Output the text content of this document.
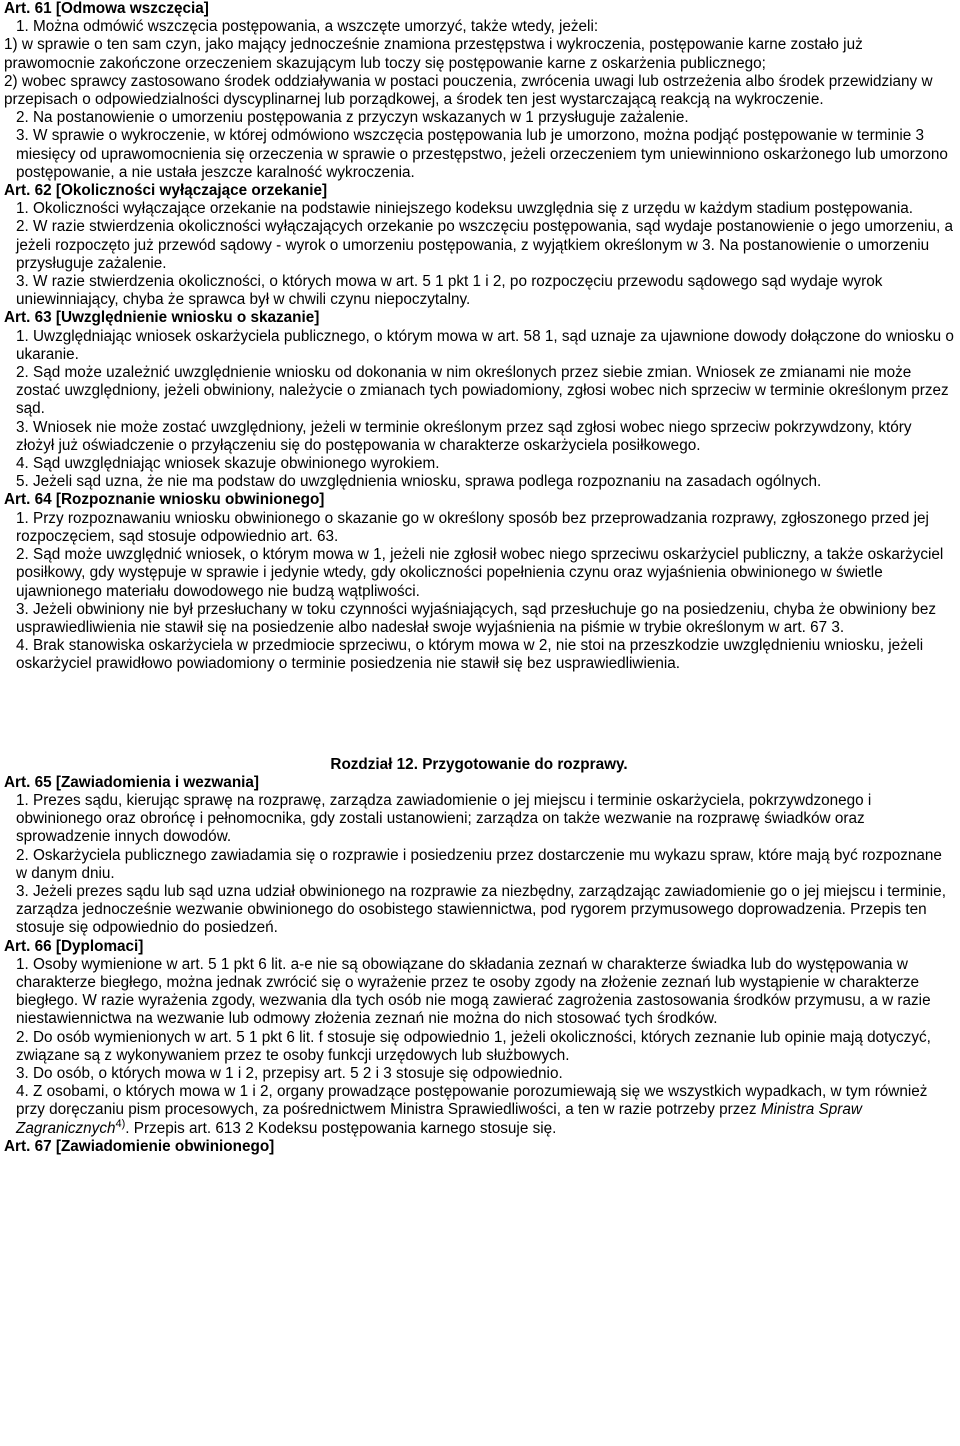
Art. 61 [Odmowa wszczęcia]

1. Można odmówić wszczęcia postępowania, a wszczęte umorzyć, także wtedy, jeżeli:

1) w sprawie o ten sam czyn, jako mający jednocześnie znamiona przestępstwa i wykroczenia, postępowanie karne zostało już prawomocnie zakończone orzeczeniem skazującym lub toczy się postępowanie karne z oskarżenia publicznego;

2) wobec sprawcy zastosowano środek oddziaływania w postaci pouczenia, zwrócenia uwagi lub ostrzeżenia albo środek przewidziany w przepisach o odpowiedzialności dyscyplinarnej lub porządkowej, a środek ten jest wystarczającą reakcją na wykroczenie.

2. Na postanowienie o umorzeniu postępowania z przyczyn wskazanych w 1 przysługuje zażalenie.

3. W sprawie o wykroczenie, w której odmówiono wszczęcia postępowania lub je umorzono, można podjąć postępowanie w terminie 3 miesięcy od uprawomocnienia się orzeczenia w sprawie o przestępstwo, jeżeli orzeczeniem tym uniewinniono oskarżonego lub umorzono postępowanie, a nie ustała jeszcze karalność wykroczenia.

Art. 62 [Okoliczności wyłączające orzekanie]

1. Okoliczności wyłączające orzekanie na podstawie niniejszego kodeksu uwzględnia się z urzędu w każdym stadium postępowania.

2. W razie stwierdzenia okoliczności wyłączających orzekanie po wszczęciu postępowania, sąd wydaje postanowienie o jego umorzeniu, a jeżeli rozpoczęto już przewód sądowy - wyrok o umorzeniu postępowania, z wyjątkiem określonym w 3. Na postanowienie o umorzeniu przysługuje zażalenie.

3. W razie stwierdzenia okoliczności, o których mowa w art. 5 1 pkt 1 i 2, po rozpoczęciu przewodu sądowego sąd wydaje wyrok uniewinniający, chyba że sprawca był w chwili czynu niepoczytalny.

Art. 63 [Uwzględnienie wniosku o skazanie]

1. Uwzględniając wniosek oskarżyciela publicznego, o którym mowa w art. 58 1, sąd uznaje za ujawnione dowody dołączone do wniosku o ukaranie.

2. Sąd może uzależnić uwzględnienie wniosku od dokonania w nim określonych przez siebie zmian. Wniosek ze zmianami nie może zostać uwzględniony, jeżeli obwiniony, należycie o zmianach tych powiadomiony, zgłosi wobec nich sprzeciw w terminie określonym przez sąd.

3. Wniosek nie może zostać uwzględniony, jeżeli w terminie określonym przez sąd zgłosi wobec niego sprzeciw pokrzywdzony, który złożył już oświadczenie o przyłączeniu się do postępowania w charakterze oskarżyciela posiłkowego.

4. Sąd uwzględniając wniosek skazuje obwinionego wyrokiem.

5. Jeżeli sąd uzna, że nie ma podstaw do uwzględnienia wniosku, sprawa podlega rozpoznaniu na zasadach ogólnych.

Art. 64 [Rozpoznanie wniosku obwinionego]

1. Przy rozpoznawaniu wniosku obwinionego o skazanie go w określony sposób bez przeprowadzania rozprawy, zgłoszonego przed jej rozpoczęciem, sąd stosuje odpowiednio art. 63.

2. Sąd może uwzględnić wniosek, o którym mowa w 1, jeżeli nie zgłosił wobec niego sprzeciwu oskarżyciel publiczny, a także oskarżyciel posiłkowy, gdy występuje w sprawie i jedynie wtedy, gdy okoliczności popełnienia czynu oraz wyjaśnienia obwinionego w świetle ujawnionego materiału dowodowego nie budzą wątpliwości.

3. Jeżeli obwiniony nie był przesłuchany w toku czynności wyjaśniających, sąd przesłuchuje go na posiedzeniu, chyba że obwiniony bez usprawiedliwienia nie stawił się na posiedzenie albo nadesłał swoje wyjaśnienia na piśmie w trybie określonym w art. 67 3.

4. Brak stanowiska oskarżyciela w przedmiocie sprzeciwu, o którym mowa w 2, nie stoi na przeszkodzie uwzględnieniu wniosku, jeżeli oskarżyciel prawidłowo powiadomiony o terminie posiedzenia nie stawił się bez usprawiedliwienia.

Rozdział 12. Przygotowanie do rozprawy.

Art. 65 [Zawiadomienia i wezwania]

1. Prezes sądu, kierując sprawę na rozprawę, zarządza zawiadomienie o jej miejscu i terminie oskarżyciela, pokrzywdzonego i obwinionego oraz obrońcę i pełnomocnika, gdy zostali ustanowieni; zarządza on także wezwanie na rozprawę świadków oraz sprowadzenie innych dowodów.

2. Oskarżyciela publicznego zawiadamia się o rozprawie i posiedzeniu przez dostarczenie mu wykazu spraw, które mają być rozpoznane w danym dniu.

3. Jeżeli prezes sądu lub sąd uzna udział obwinionego na rozprawie za niezbędny, zarządzając zawiadomienie go o jej miejscu i terminie, zarządza jednocześnie wezwanie obwinionego do osobistego stawiennictwa, pod rygorem przymusowego doprowadzenia. Przepis ten stosuje się odpowiednio do posiedzeń.

Art. 66 [Dyplomaci]

1. Osoby wymienione w art. 5 1 pkt 6 lit. a-e nie są obowiązane do składania zeznań w charakterze świadka lub do występowania w charakterze biegłego, można jednak zwrócić się o wyrażenie przez te osoby zgody na złożenie zeznań lub wystąpienie w charakterze biegłego. W razie wyrażenia zgody, wezwania dla tych osób nie mogą zawierać zagrożenia zastosowania środków przymusu, a w razie niestawiennictwa na wezwanie lub odmowy złożenia zeznań nie można do nich stosować tych środków.

2. Do osób wymienionych w art. 5 1 pkt 6 lit. f stosuje się odpowiednio 1, jeżeli okoliczności, których zeznanie lub opinie mają dotyczyć, związane są z wykonywaniem przez te osoby funkcji urzędowych lub służbowych.

3. Do osób, o których mowa w 1 i 2, przepisy art. 5 2 i 3 stosuje się odpowiednio.

4. Z osobami, o których mowa w 1 i 2, organy prowadzące postępowanie porozumiewają się we wszystkich wypadkach, w tym również przy doręczaniu pism procesowych, za pośrednictwem Ministra Sprawiedliwości, a ten w razie potrzeby przez Ministra Spraw Zagranicznych$^{4)}$. Przepis art. 613 2 Kodeksu postępowania karnego stosuje się.

Art. 67 [Zawiadomienie obwinionego]
